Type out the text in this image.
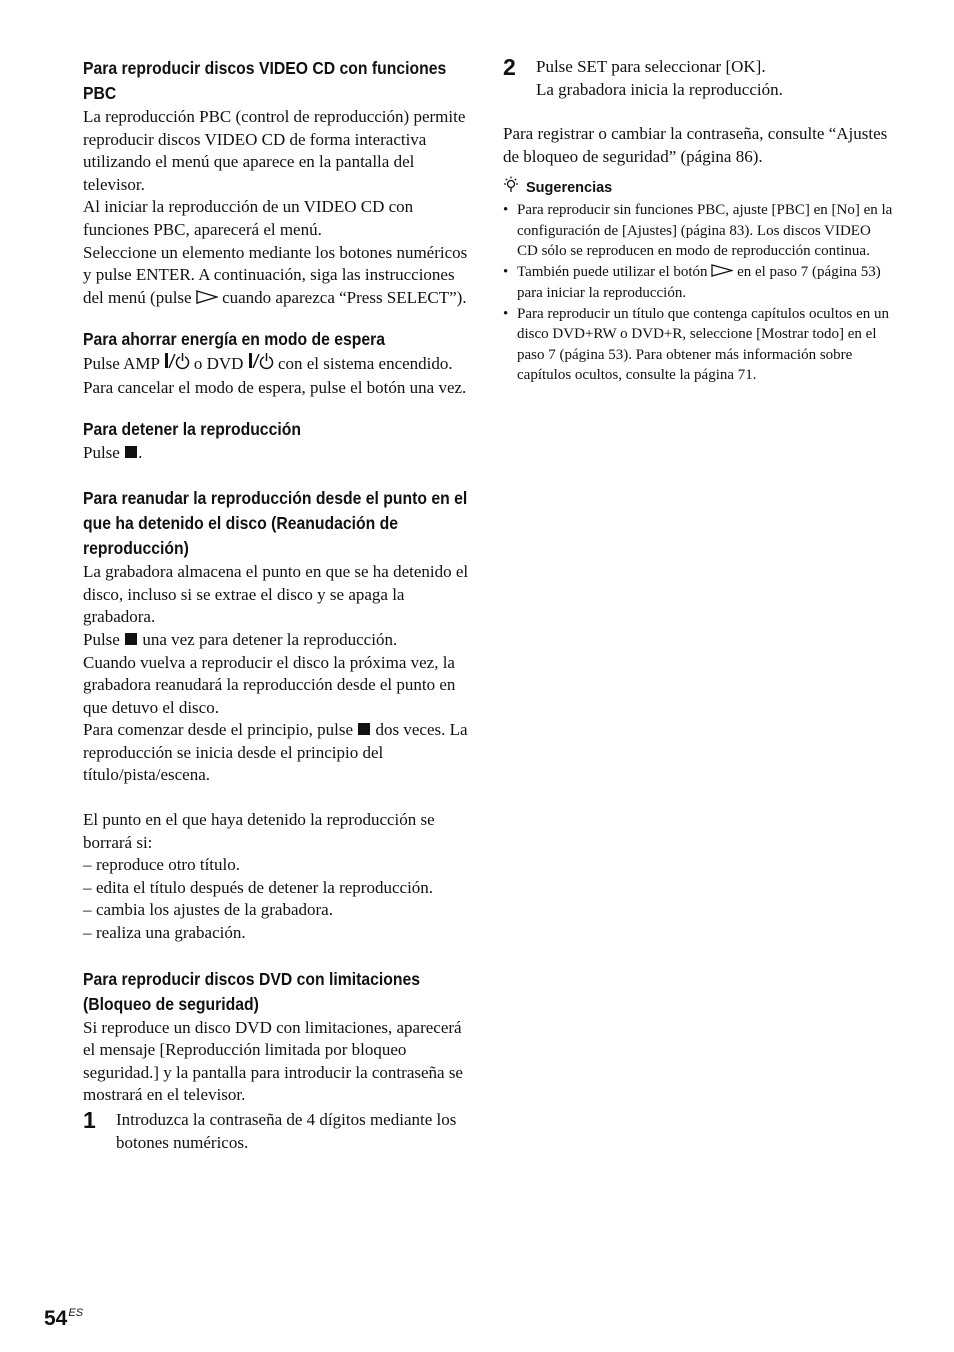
Para reproducir discos VIDEO CD con funciones PBC

La reproducción PBC (control de reproducción) permite reproducir discos VIDEO CD de forma interactiva utilizando el menú que aparece en la pantalla del televisor.

Al iniciar la reproducción de un VIDEO CD con funciones PBC, aparecerá el menú.

Seleccione un elemento mediante los botones numéricos y pulse ENTER. A continuación, siga las instrucciones del menú (pulse cuando aparezca “Press SELECT”).

Para ahorrar energía en modo de espera

Pulse AMP o DVD con el sistema encendido. Para cancelar el modo de espera, pulse el botón una vez.

Para detener la reproducción

Pulse .

Para reanudar la reproducción desde el punto en el que ha detenido el disco (Reanudación de reproducción)

La grabadora almacena el punto en que se ha detenido el disco, incluso si se extrae el disco y se apaga la grabadora.

Pulse una vez para detener la reproducción.

Cuando vuelva a reproducir el disco la próxima vez, la grabadora reanudará la reproducción desde el punto en que detuvo el disco.

Para comenzar desde el principio, pulse dos veces. La reproducción se inicia desde el principio del título/pista/escena.

El punto en el que haya detenido la reproducción se borrará si:

– reproduce otro título.
– edita el título después de detener la reproducción.
– cambia los ajustes de la grabadora.
– realiza una grabación.
Para reproducir discos DVD con limitaciones (Bloqueo de seguridad)

Si reproduce un disco DVD con limitaciones, aparecerá el mensaje [Reproducción limitada por bloqueo seguridad.] y la pantalla para introducir la contraseña se mostrará en el televisor.

1	Introduzca la contraseña de 4 dígitos mediante los botones numéricos.
2	Pulse SET para seleccionar [OK].
La grabadora inicia la reproducción.

Para registrar o cambiar la contraseña, consulte “Ajustes de bloqueo de seguridad” (página 86).

Sugerencias
• Para reproducir sin funciones PBC, ajuste [PBC] en [No] en la configuración de [Ajustes] (página 83). Los discos VIDEO CD sólo se reproducen en modo de reproducción continua.
• También puede utilizar el botón en el paso 7 (página 53) para iniciar la reproducción.
• Para reproducir un título que contenga capítulos ocultos en un disco DVD+RW o DVD+R, seleccione [Mostrar todo] en el paso 7 (página 53). Para obtener más información sobre capítulos ocultos, consulte la página 71.
$54^{ES}$
